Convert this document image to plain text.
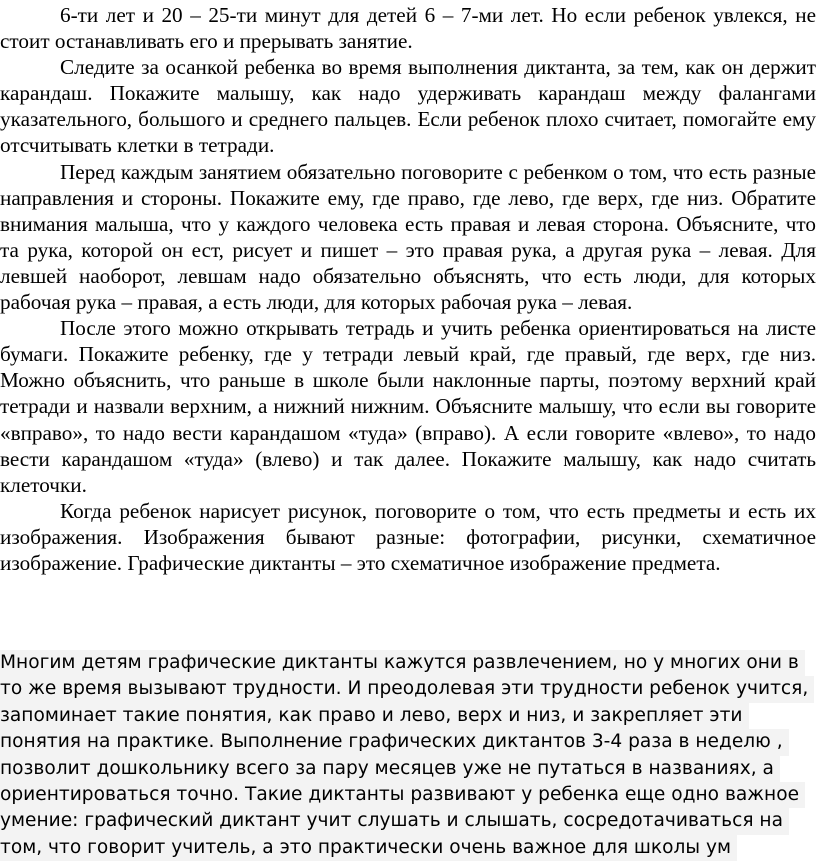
6-ти лет и 20 – 25-ти минут для детей 6 – 7-ми лет. Но если ребенок увлекся, не стоит останавливать его и прерывать занятие.

Следите за осанкой ребенка во время выполнения диктанта, за тем, как он держит карандаш. Покажите малышу, как надо удерживать карандаш между фалангами указательного, большого и среднего пальцев. Если ребенок плохо считает, помогайте ему отсчитывать клетки в тетради.

Перед каждым занятием обязательно поговорите с ребенком о том, что есть разные направления и стороны. Покажите ему, где право, где лево, где верх, где низ. Обратите внимания малыша, что у каждого человека есть правая и левая сторона. Объясните, что та рука, которой он ест, рисует и пишет – это правая рука, а другая рука – левая. Для левшей наоборот, левшам надо обязательно объяснять, что есть люди, для которых рабочая рука – правая, а есть люди, для которых рабочая рука – левая.

После этого можно открывать тетрадь и учить ребенка ориентироваться на листе бумаги. Покажите ребенку, где у тетради левый край, где правый, где верх, где низ. Можно объяснить, что раньше в школе были наклонные парты, поэтому верхний край тетради и назвали верхним, а нижний нижним. Объясните малышу, что если вы говорите «вправо», то надо вести карандашом «туда» (вправо). А если говорите «влево», то надо вести карандашом «туда» (влево) и так далее. Покажите малышу, как надо считать клеточки.

Когда ребенок нарисует рисунок, поговорите о том, что есть предметы и есть их изображения. Изображения бывают разные: фотографии, рисунки, схематичное изображение. Графические диктанты – это схематичное изображение предмета.

Многим детям графические диктанты кажутся развлечением, но у многих они в
то же время вызывают трудности. И преодолевая эти трудности ребенок учится,
запоминает такие понятия, как право и лево, верх и низ, и закрепляет эти
понятия на практике. Выполнение графических диктантов 3-4 раза в неделю ,
позволит дошкольнику всего за пару месяцев уже не путаться в названиях, а
ориентироваться точно. Такие диктанты развивают у ребенка еще одно важное
умение: графический диктант учит слушать и слышать, сосредотачиваться на
том, что говорит учитель, а это практически очень важное для школы ум
